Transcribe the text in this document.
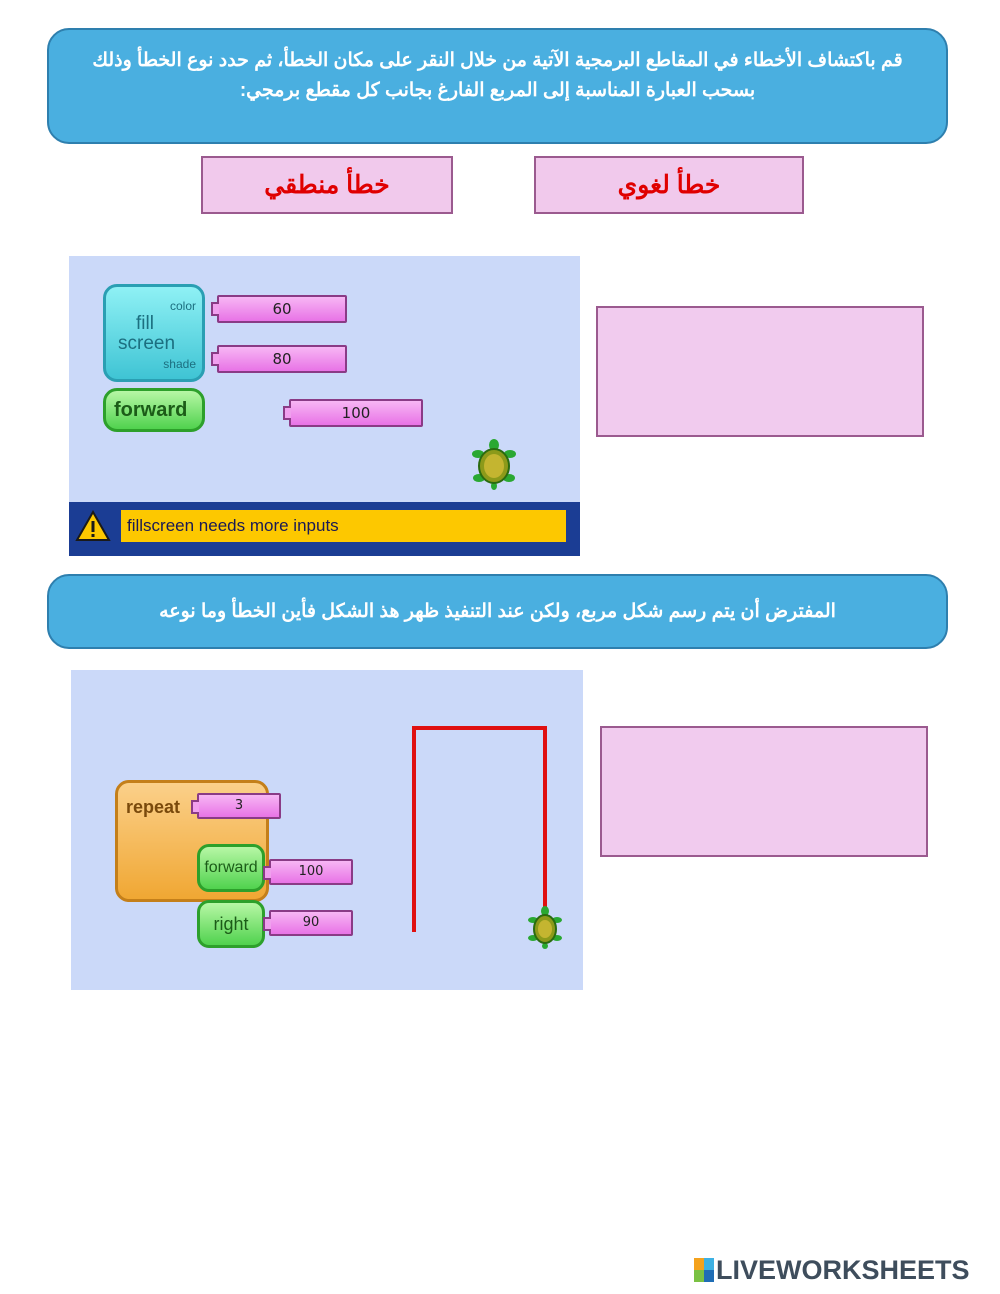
قم باكتشاف الأخطاء في المقاطع البرمجية الآتية من خلال النقر على مكان الخطأ، ثم حدد نوع الخطأ وذلك بسحب العبارة المناسبة إلى المربع الفارغ بجانب كل مقطع برمجي:
خطأ منطقي	خطأ لغوي
color
fill
screen
shade
60
80
forward	100
fillscreen needs more inputs
المفترض أن يتم رسم شكل مربع، ولكن عند التنفيذ ظهر هذ الشكل فأين الخطأ وما نوعه
repeat	3
forward	100
right	90
LIVEWORKSHEETS
